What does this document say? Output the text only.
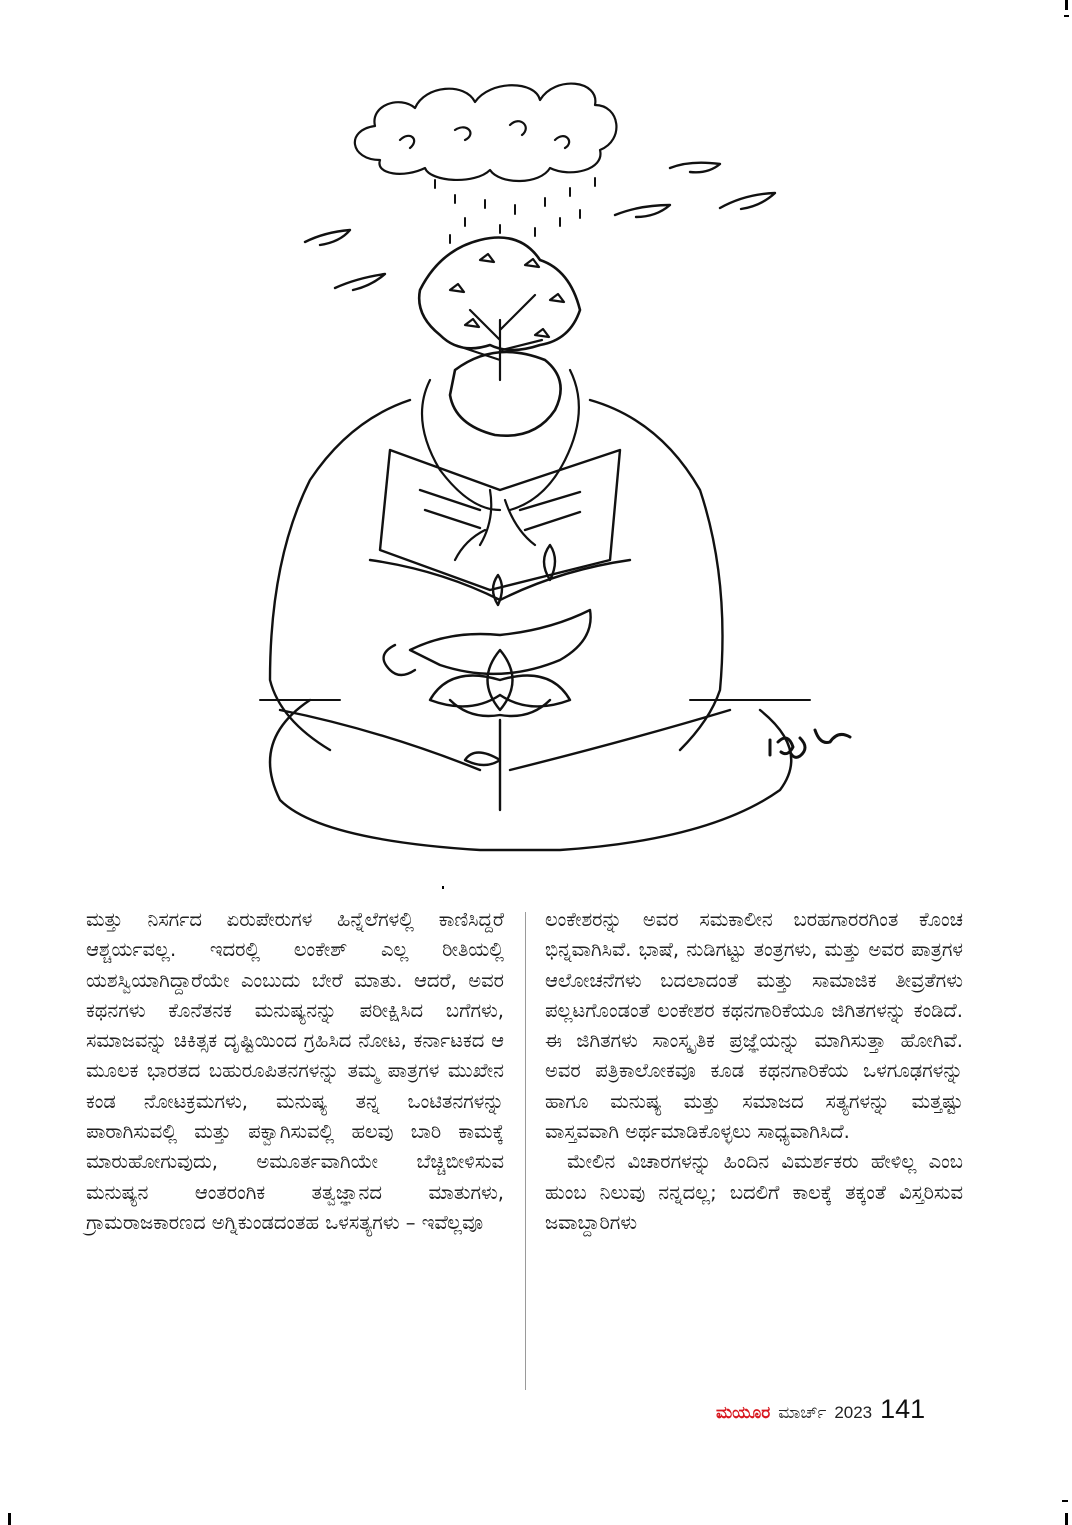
ಮತ್ತು ನಿಸರ್ಗದ ಏರುಪೇರುಗಳ ಹಿನ್ನೆಲೆಗಳಲ್ಲಿ ಕಾಣಿಸಿದ್ದರೆ ಆಶ್ಚರ್ಯವಲ್ಲ. ಇದರಲ್ಲಿ ಲಂಕೇಶ್ ಎಲ್ಲ ರೀತಿಯಲ್ಲಿ ಯಶಸ್ವಿಯಾಗಿದ್ದಾರೆಯೇ ಎಂಬುದು ಬೇರೆ ಮಾತು. ಆದರೆ, ಅವರ ಕಥನಗಳು ಕೊನೆತನಕ ಮನುಷ್ಯನನ್ನು ಪರೀಕ್ಷಿಸಿದ ಬಗೆಗಳು, ಸಮಾಜವನ್ನು ಚಿಕಿತ್ಸಕ ದೃಷ್ಟಿಯಿಂದ ಗ್ರಹಿಸಿದ ನೋಟ, ಕರ್ನಾಟಕದ ಆ ಮೂಲಕ ಭಾರತದ ಬಹುರೂಪಿತನಗಳನ್ನು ತಮ್ಮ ಪಾತ್ರಗಳ ಮುಖೇನ ಕಂಡ ನೋಟಕ್ರಮಗಳು, ಮನುಷ್ಯ ತನ್ನ ಒಂಟಿತನಗಳನ್ನು ಪಾರಾಗಿಸುವಲ್ಲಿ ಮತ್ತು ಪಕ್ವಾಗಿಸುವಲ್ಲಿ ಹಲವು ಬಾರಿ ಕಾಮಕ್ಕೆ ಮಾರುಹೋಗುವುದು, ಅಮೂರ್ತವಾಗಿಯೇ ಬೆಚ್ಚಿಬೀಳಿಸುವ ಮನುಷ್ಯನ ಆಂತರಂಗಿಕ ತತ್ವಜ್ಞಾನದ ಮಾತುಗಳು, ಗ್ರಾಮರಾಜಕಾರಣದ ಅಗ್ನಿಕುಂಡದಂತಹ ಒಳಸತ್ಯಗಳು – ಇವೆಲ್ಲವೂ

ಲಂಕೇಶರನ್ನು ಅವರ ಸಮಕಾಲೀನ ಬರಹಗಾರರಗಿಂತ ಕೊಂಚ ಭಿನ್ನವಾಗಿಸಿವೆ. ಭಾಷೆ, ನುಡಿಗಟ್ಟು ತಂತ್ರಗಳು, ಮತ್ತು ಅವರ ಪಾತ್ರಗಳ ಆಲೋಚನೆಗಳು ಬದಲಾದಂತೆ ಮತ್ತು ಸಾಮಾಜಿಕ ತೀವ್ರತೆಗಳು ಪಲ್ಲಟಗೊಂಡಂತೆ ಲಂಕೇಶರ ಕಥನಗಾರಿಕೆಯೂ ಜಿಗಿತಗಳನ್ನು ಕಂಡಿದೆ. ಈ ಜಿಗಿತಗಳು ಸಾಂಸ್ಕೃತಿಕ ಪ್ರಜ್ಞೆಯನ್ನು ಮಾಗಿಸುತ್ತಾ ಹೋಗಿವೆ. ಅವರ ಪತ್ರಿಕಾಲೋಕವೂ ಕೂಡ ಕಥನಗಾರಿಕೆಯ ಒಳಗೂಢಗಳನ್ನು ಹಾಗೂ ಮನುಷ್ಯ ಮತ್ತು ಸಮಾಜದ ಸತ್ಯಗಳನ್ನು ಮತ್ತಷ್ಟು ವಾಸ್ತವವಾಗಿ ಅರ್ಥಮಾಡಿಕೊಳ್ಳಲು ಸಾಧ್ಯವಾಗಿಸಿದೆ.

ಮೇಲಿನ ವಿಚಾರಗಳನ್ನು ಹಿಂದಿನ ವಿಮರ್ಶಕರು ಹೇಳಿಲ್ಲ ಎಂಬ ಹುಂಬ ನಿಲುವು ನನ್ನದಲ್ಲ; ಬದಲಿಗೆ ಕಾಲಕ್ಕೆ ತಕ್ಕಂತೆ ವಿಸ್ತರಿಸುವ ಜವಾಬ್ದಾರಿಗಳು

ಮಯೂರ ಮಾರ್ಚ್ 2023 141
